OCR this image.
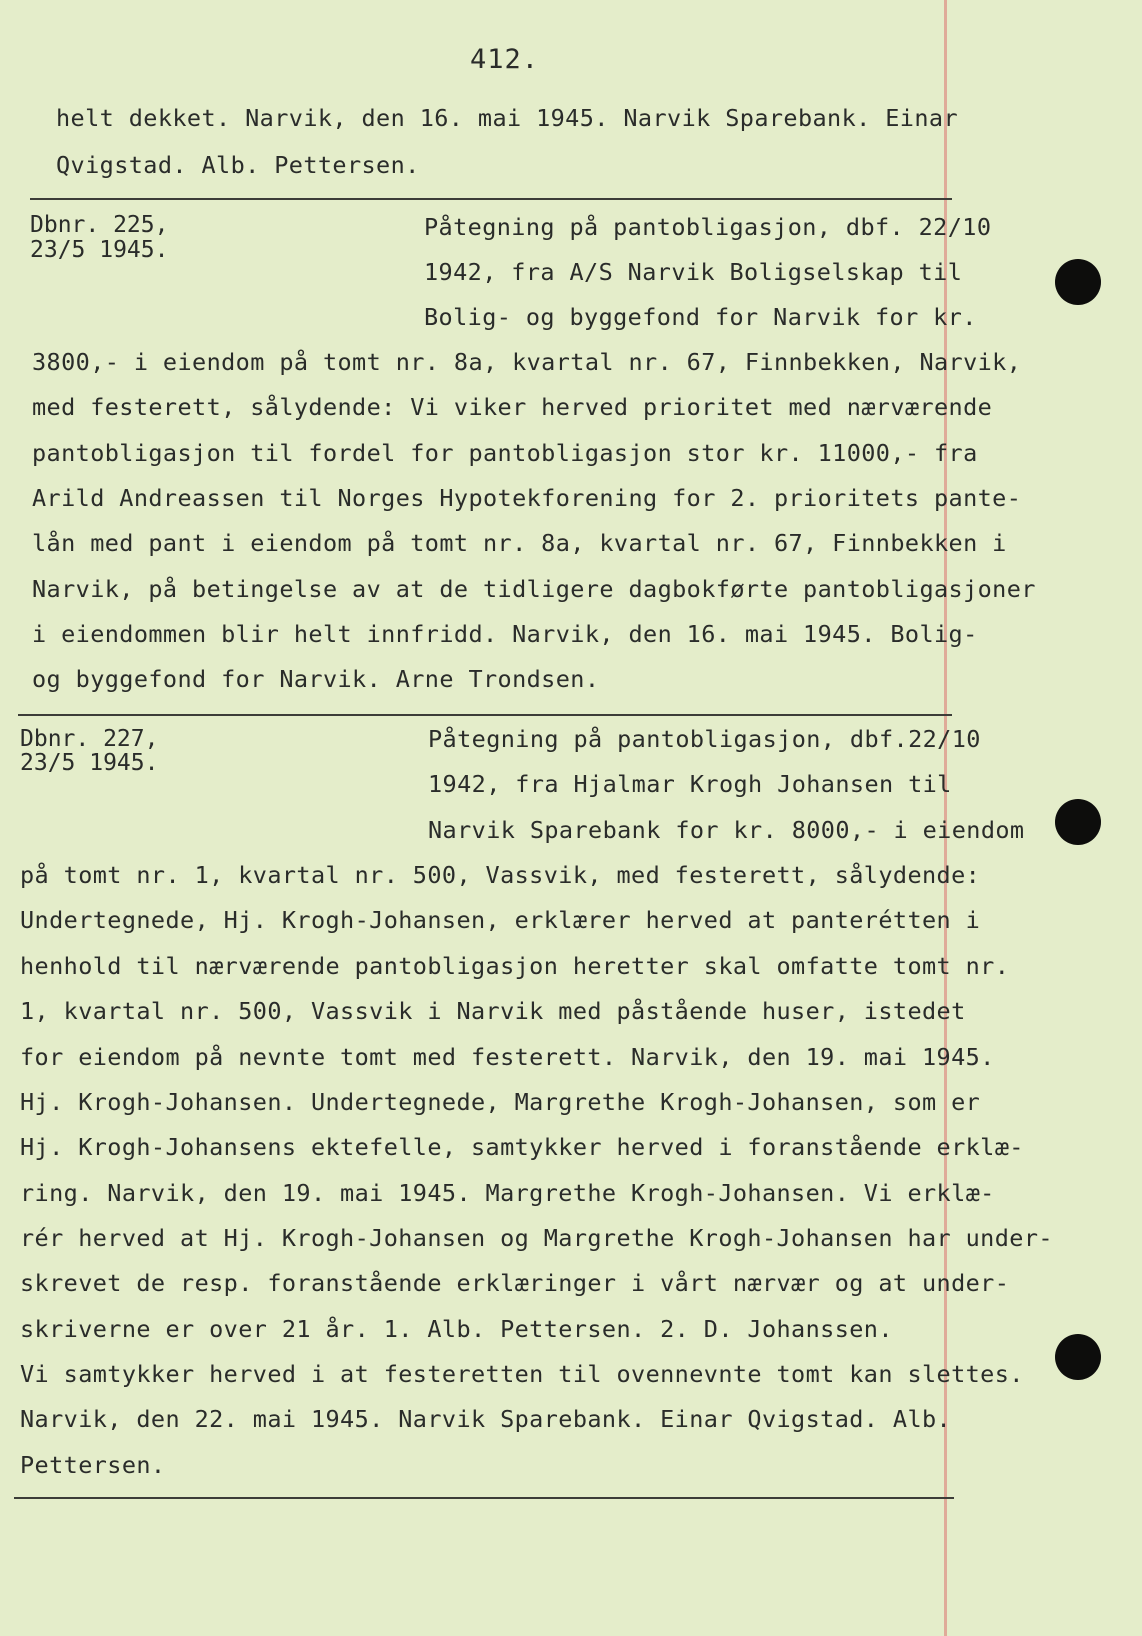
412.
helt dekket. Narvik, den 16. mai 1945. Narvik Sparebank. Einar
Qvigstad. Alb. Pettersen.
Dbnr. 225,
23/5 1945.
Påtegning på pantobligasjon, dbf. 22/10
1942, fra A/S Narvik Boligselskap til
Bolig- og byggefond for Narvik for kr.
3800,- i eiendom på tomt nr. 8a, kvartal nr. 67, Finnbekken, Narvik,
med festerett, sålydende: Vi viker herved prioritet med nærværende
pantobligasjon til fordel for pantobligasjon stor kr. 11000,- fra
Arild Andreassen til Norges Hypotekforening for 2. prioritets pante-
lån med pant i eiendom på tomt nr. 8a, kvartal nr. 67, Finnbekken i
Narvik, på betingelse av at de tidligere dagbokførte pantobligasjoner
i eiendommen blir helt innfridd. Narvik, den 16. mai 1945. Bolig-
og byggefond for Narvik. Arne Trondsen.
Dbnr. 227,
23/5 1945.
Påtegning på pantobligasjon, dbf.22/10
1942, fra Hjalmar Krogh Johansen til
Narvik Sparebank for kr. 8000,- i eiendom
på tomt nr. 1, kvartal nr. 500, Vassvik, med festerett, sålydende:
Undertegnede, Hj. Krogh-Johansen, erklærer herved at panterétten i
henhold til nærværende pantobligasjon heretter skal omfatte tomt nr.
1, kvartal nr. 500, Vassvik i Narvik med påstående huser, istedet
for eiendom på nevnte tomt med festerett. Narvik, den 19. mai 1945.
Hj. Krogh-Johansen. Undertegnede, Margrethe Krogh-Johansen, som er
Hj. Krogh-Johansens ektefelle, samtykker herved i foranstående erklæ-
ring. Narvik, den 19. mai 1945. Margrethe Krogh-Johansen. Vi erklæ-
rér herved at Hj. Krogh-Johansen og Margrethe Krogh-Johansen har under-
skrevet de resp. foranstående erklæringer i vårt nærvær og at under-
skriverne er over 21 år. 1. Alb. Pettersen. 2. D. Johanssen.
Vi samtykker herved i at festeretten til ovennevnte tomt kan slettes.
Narvik, den 22. mai 1945. Narvik Sparebank. Einar Qvigstad. Alb.
Pettersen.
